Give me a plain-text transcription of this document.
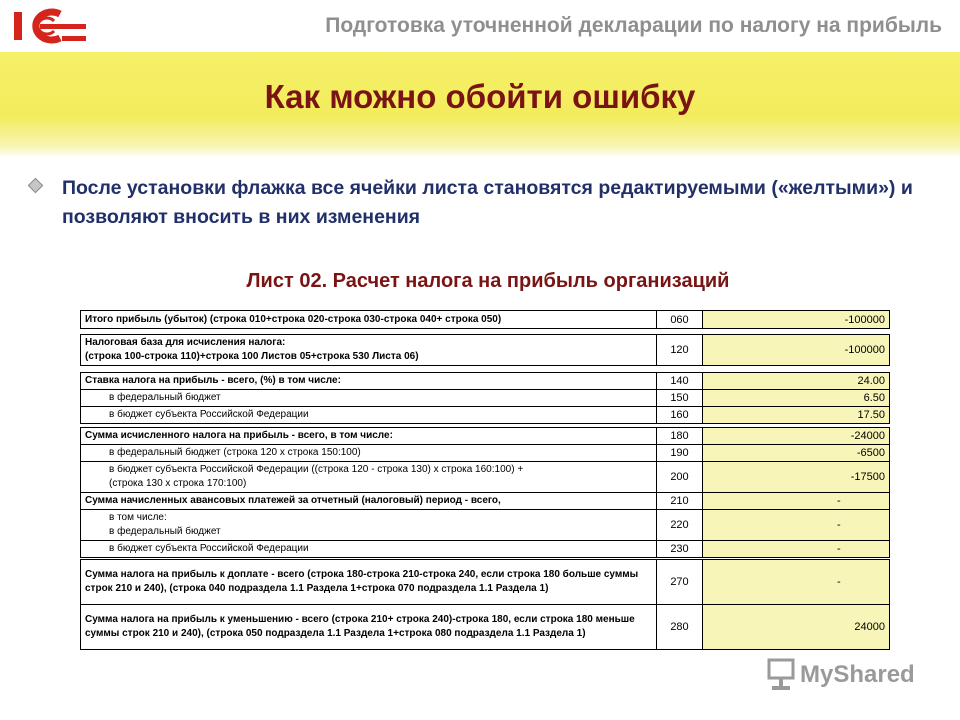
Подготовка уточненной декларации по налогу на прибыль
Как можно обойти ошибку
После установки флажка все ячейки листа становятся редактируемыми («желтыми») и позволяют вносить в них изменения
Лист 02. Расчет налога на прибыль организаций
Итого прибыль (убыток) (строка 010+строка 020-строка 030-строка 040+ строка 050)	060	-100000
Налоговая база для исчисления налога:
(строка 100-строка 110)+строка 100 Листов 05+строка 530 Листа 06)
120	-100000
Ставка налога на прибыль - всего, (%) в том числе:	140	24.00
в федеральный бюджет	150	6.50
в бюджет субъекта Российской Федерации	160	17.50
Сумма исчисленного налога на прибыль - всего, в том числе:	180	-24000
в федеральный бюджет (строка 120 х строка 150:100)	190	-6500
в бюджет субъекта Российской Федерации ((строка 120 - строка 130) х строка 160:100) +
(строка 130 х строка 170:100)
200	-17500
Сумма начисленных авансовых платежей за отчетный (налоговый) период - всего,	210	-
в том числе:
в федеральный бюджет
220	-
в бюджет субъекта Российской Федерации	230	-
Сумма налога на прибыль к доплате - всего (строка 180-строка 210-строка 240, если строка 180 больше суммы строк 210 и 240), (строка 040 подраздела 1.1 Раздела 1+строка 070 подраздела 1.1 Раздела 1)
270	-
Сумма налога на прибыль к уменьшению - всего (строка 210+ строка 240)-строка 180, если строка 180 меньше суммы строк 210 и 240), (строка 050 подраздела 1.1 Раздела 1+строка 080 подраздела 1.1 Раздела 1)
280	24000
MyShared
